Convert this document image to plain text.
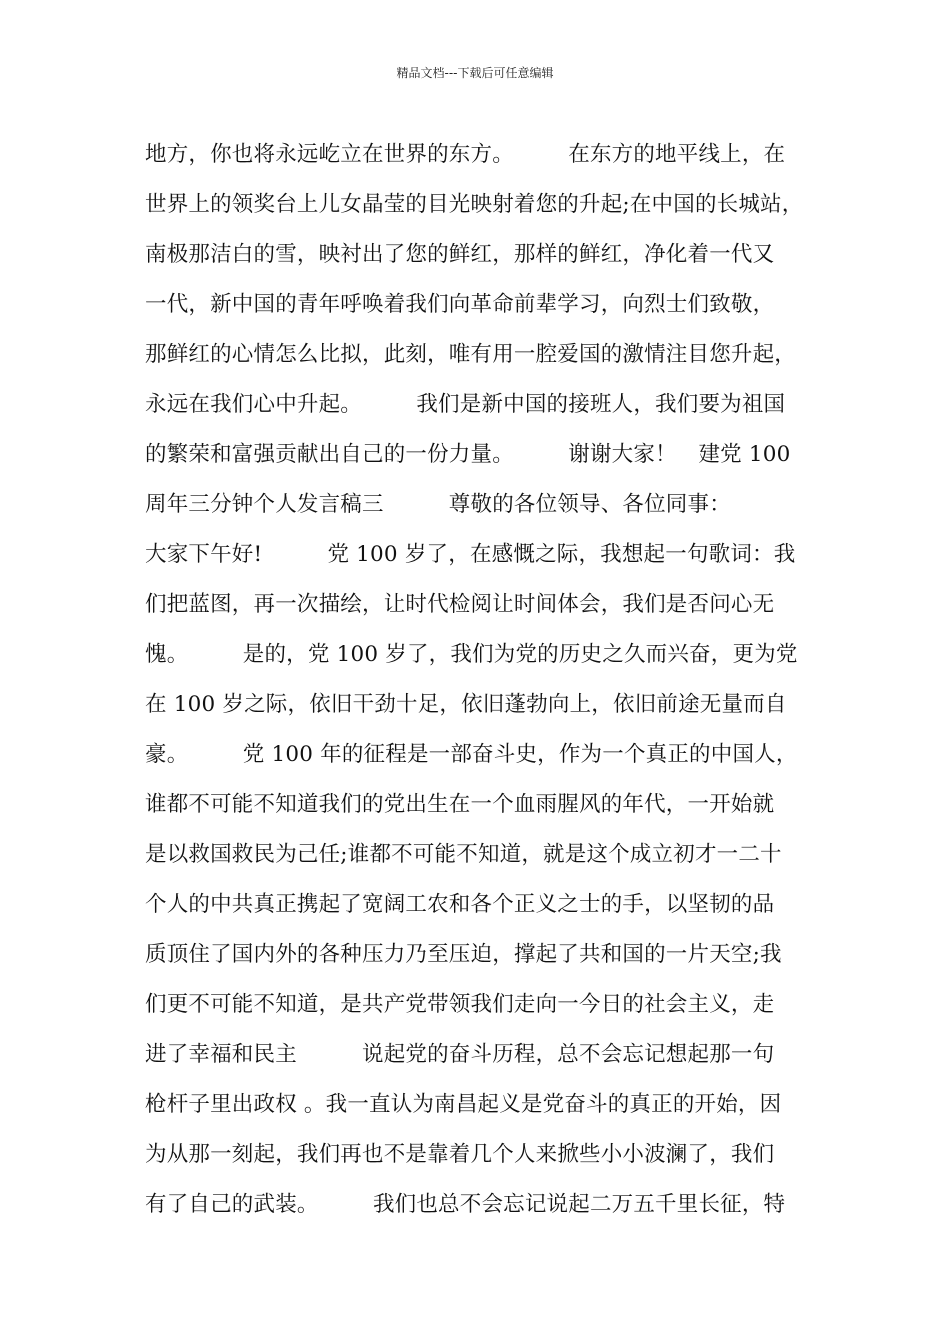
精品文档---下载后可任意编辑
地方，你也将永远屹立在世界的东方。　　　在东方的地平线上，在
世界上的领奖台上儿女晶莹的目光映射着您的升起;在中国的长城站，
南极那洁白的雪，映衬出了您的鲜红，那样的鲜红，净化着一代又
一代，新中国的青年呼唤着我们向革命前辈学习，向烈士们致敬，
那鲜红的心情怎么比拟，此刻，唯有用一腔爱国的激情注目您升起，
永远在我们心中升起。　　　我们是新中国的接班人，我们要为祖国
的繁荣和富强贡献出自己的一份力量。　　　谢谢大家！　建党 100
周年三分钟个人发言稿三　　　尊敬的各位领导、各位同事：
大家下午好!　　　党 100 岁了，在感慨之际，我想起一句歌词：我
们把蓝图，再一次描绘，让时代检阅让时间体会，我们是否问心无
愧。　　　是的，党 100 岁了，我们为党的历史之久而兴奋，更为党
在 100 岁之际，依旧干劲十足，依旧蓬勃向上，依旧前途无量而自
豪。　　　党 100 年的征程是一部奋斗史，作为一个真正的中国人，
谁都不可能不知道我们的党出生在一个血雨腥风的年代，一开始就
是以救国救民为己任;谁都不可能不知道，就是这个成立初才一二十
个人的中共真正携起了宽阔工农和各个正义之士的手，以坚韧的品
质顶住了国内外的各种压力乃至压迫，撑起了共和国的一片天空;我
们更不可能不知道，是共产党带领我们走向一今日的社会主义，走
进了幸福和民主　　　说起党的奋斗历程，总不会忘记想起那一句
枪杆子里出政权 。我一直认为南昌起义是党奋斗的真正的开始，因
为从那一刻起，我们再也不是靠着几个人来掀些小小波澜了，我们
有了自己的武装。　　　我们也总不会忘记说起二万五千里长征，特
